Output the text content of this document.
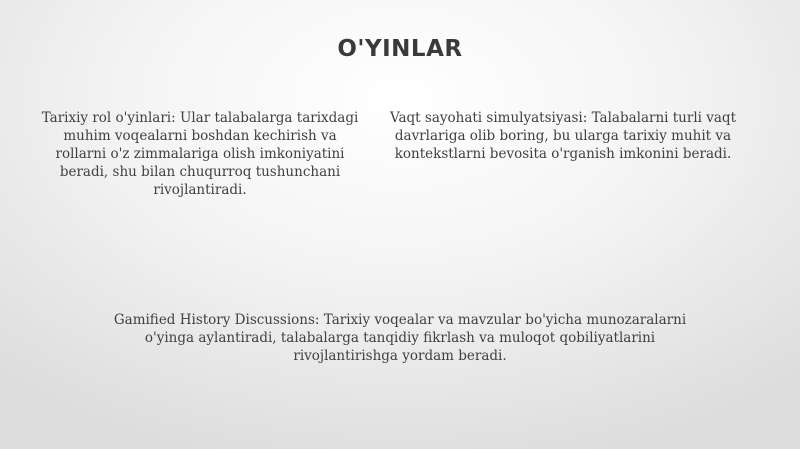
O'YINLAR
Tarixiy rol o'yinlari: Ular talabalarga tarixdagi muhim voqealarni boshdan kechirish va rollarni o'z zimmalariga olish imkoniyatini beradi, shu bilan chuqurroq tushunchani rivojlantiradi.
Vaqt sayohati simulyatsiyasi: Talabalarni turli vaqt davrlariga olib boring, bu ularga tarixiy muhit va kontekstlarni bevosita o'rganish imkonini beradi.
Gamified History Discussions: Tarixiy voqealar va mavzular bo'yicha munozaralarni o'yinga aylantiradi, talabalarga tanqidiy fikrlash va muloqot qobiliyatlarini rivojlantirishga yordam beradi.
